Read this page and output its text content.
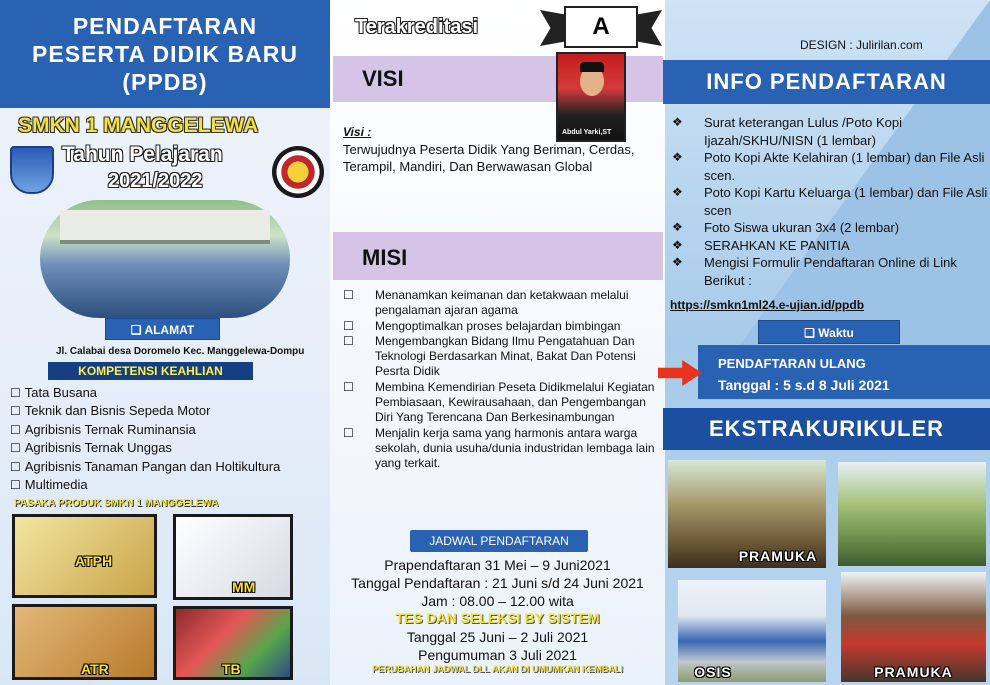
PENDAFTARAN
PESERTA DIDIK BARU
(PPDB)
SMKN 1 MANGGELEWA
Tahun Pelajaran
2021/2022
❑ ALAMAT
Jl. Calabai desa Doromelo Kec. Manggelewa-Dompu
KOMPETENSI KEAHLIAN
☐ Tata Busana
☐ Teknik dan Bisnis Sepeda Motor
☐ Agribisnis Ternak Ruminansia
☐ Agribisnis Ternak Unggas
☐ Agribisnis Tanaman Pangan dan Holtikultura
☐ Multimedia
PASAKA PRODUK SMKN 1 MANGGELEWA
ATPH
MM
ATR	TB
Terakreditasi	A
VISI
Abdul Yarki,ST
Visi :
Terwujudnya Peserta Didik Yang Beriman, Cerdas, Terampil, Mandiri, Dan Berwawasan Global
MISI
☐ Menanamkan keimanan dan ketakwaan melalui pengalaman ajaran agama
☐ Mengoptimalkan proses belajardan bimbingan
☐ Mengembangkan Bidang Ilmu Pengatahuan Dan Teknologi Berdasarkan Minat, Bakat Dan Potensi Pesrta Didik
☐ Membina Kemendirian Peseta Didikmelalui Kegiatan Pembiasaan, Kewirausahaan, dan Pengembangan Diri Yang Terencana Dan Berkesinambungan
☐ Menjalin kerja sama yang harmonis antara warga sekolah, dunia usuha/dunia industridan lembaga lain yang terkait.
JADWAL PENDAFTARAN
Prapendaftaran 31 Mei – 9 Juni2021
Tanggal Pendaftaran : 21 Juni s/d 24 Juni 2021
Jam : 08.00 – 12.00 wita
TES DAN SELEKSI BY SISTEM
Tanggal 25 Juni – 2 Juli 2021
Pengumuman 3 Juli 2021
PERUBAHAN JADWAL DLL AKAN DI UMUMKAN KEMBALI
DESIGN : Julirilan.com
INFO PENDAFTARAN
❖ Surat keterangan Lulus /Poto Kopi Ijazah/SKHU/NISN (1 lembar)
❖ Poto Kopi Akte Kelahiran (1 lembar) dan File Asli scen.
❖ Poto Kopi Kartu Keluarga (1 lembar) dan File Asli scen
❖ Foto Siswa ukuran 3x4 (2 lembar)
❖ SERAHKAN KE PANITIA
❖ Mengisi Formulir Pendaftaran Online di Link Berikut :
https://smkn1ml24.e-ujian.id/ppdb
❑ Waktu
PENDAFTARAN ULANG
Tanggal : 5 s.d 8 Juli 2021
EKSTRAKURIKULER
PRAMUKA
OSIS	PRAMUKA
